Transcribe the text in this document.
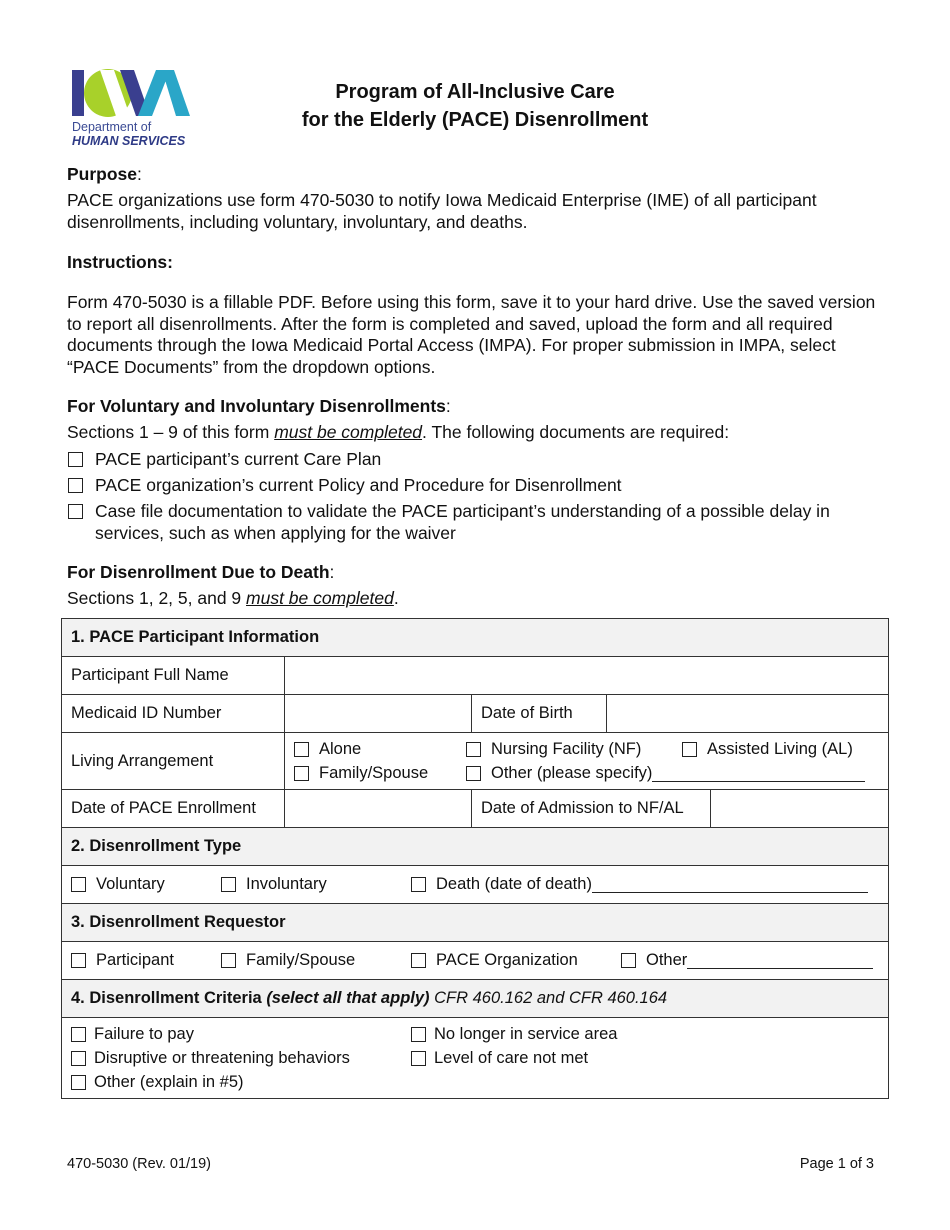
Department of
HUMAN SERVICES
Program of All-Inclusive Care
for the Elderly (PACE) Disenrollment
Purpose:
PACE organizations use form 470-5030 to notify Iowa Medicaid Enterprise (IME) of all participant disenrollments, including voluntary, involuntary, and deaths.
Instructions:
Form 470-5030 is a fillable PDF. Before using this form, save it to your hard drive. Use the saved version to report all disenrollments. After the form is completed and saved, upload the form and all required documents through the Iowa Medicaid Portal Access (IMPA). For proper submission in IMPA, select “PACE Documents” from the dropdown options.
For Voluntary and Involuntary Disenrollments:
Sections 1 – 9 of this form must be completed. The following documents are required:
PACE participant’s current Care Plan
PACE organization’s current Policy and Procedure for Disenrollment
Case file documentation to validate the PACE participant’s understanding of a possible delay in services, such as when applying for the waiver
For Disenrollment Due to Death:
Sections 1, 2, 5, and 9 must be completed.
1. PACE Participant Information				
Participant Full Name				
Medicaid ID Number		Date of Birth		
Living Arrangement	Alone Nursing Facility (NF) Assisted Living (AL)
Family/Spouse Other (please specify)			

Date of PACE Enrollment		Date of Admission to NF/AL		
2. Disenrollment Type				

Voluntary Involuntary Death (date of death)				

3. Disenrollment Requestor				

Participant Family/Spouse PACE Organization Other				

4. Disenrollment Criteria (select all that apply) CFR 460.162 and CFR 460.164				

Failure to pay No longer in service area
Disruptive or threatening behaviors Level of care not met
Other (explain in #5)				
470-5030 (Rev. 01/19)	Page 1 of 3
